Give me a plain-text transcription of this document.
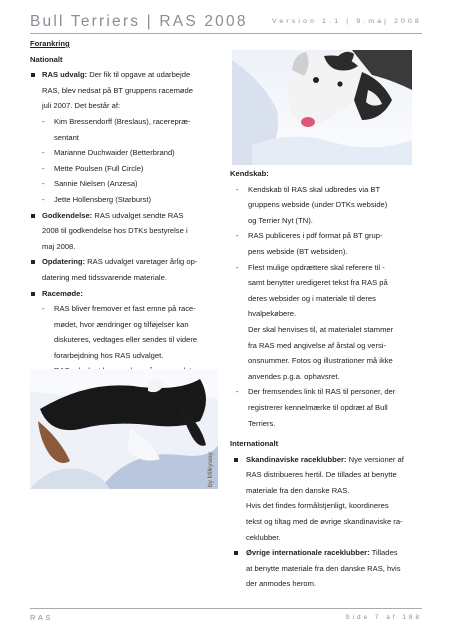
Bull Terriers | RAS 2008	Version 1.1 | 9.maj 2008
Forankring
Nationalt
RAS udvalg: Der fik til opgave at udarbejde
RAS, blev nedsat på BT gruppens racemøde
juli 2007. Det består af:
- Kim Bressendorff (Breslaus), racerepræ-
sentant
- Marianne Duchwaider (Betterbrand)
- Mette Poulsen (Full Circle)
- Sannie Nielsen (Anzesa)
- Jette Hollensberg (Starburst)
Godkendelse: RAS udvalget sendte RAS
2008 til godkendelse hos DTKs bestyrelse i
maj 2008.
Opdatering: RAS udvalget varetager årlig op-
datering med tidssvarende materiale.
Racemøde:
- RAS bliver fremover et fast emne på race-
mødet, hvor ændringer og tilføjelser kan
diskuteres, vedtages eller sendes til videre
forarbejdning hos RAS udvalget.

by Milkyway
Kendskab:
- Kendskab til RAS skal udbredes via BT
gruppens webside (under DTKs webside)
og Terrier Nyt (TN).
- RAS publiceres i pdf format på BT grup-
pens webside (BT websiden).
- Flest mulige opdrættere skal referere til -
samt benytter uredigeret tekst fra RAS på
deres websider og i materiale til deres
hvalpekøbere.
Der skal henvises til, at materialet stammer
fra RAS med angivelse af årstal og versi-
onsnummer. Fotos og illustrationer må ikke
anvendes p.g.a. ophavsret.
- Der fremsendes link til RAS til personer, der
registrerer kennelmærke til opdræt af Bull
Terriers.
Internationalt
Skandinaviske raceklubber: Nye versioner af
RAS distribueres hertil. De tillades at benytte
materiale fra den danske RAS.
Hvis det findes formålstjenligt, koordineres
tekst og tiltag med de øvrige skandinaviske ra-
ceklubber.
Øvrige internationale raceklubber: Tillades
at benytte materiale fra den danske RAS, hvis
der anmodes herom.
RAS	Side 7 af 188
